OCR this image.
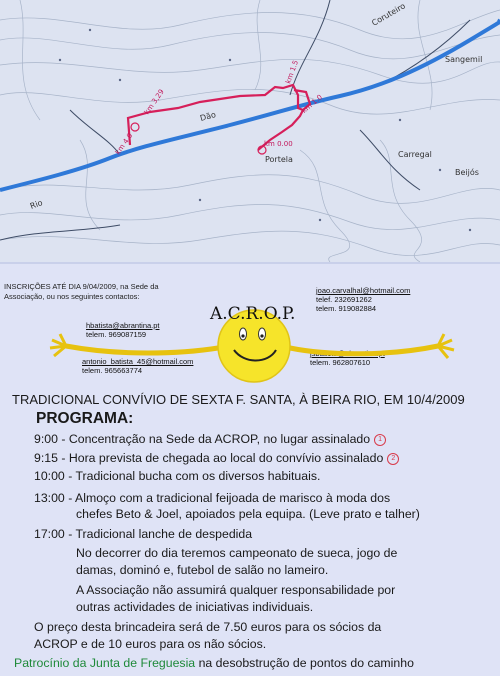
Coruteiro
Sangemil
Dão
Carregal
Rio
Beijós
Portela
km 3,29
km 4.0
km 1.5
km 1.0
km 0.00
INSCRIÇÕES ATÉ DIA 9/04/2009, na Sede da Associação, ou nos seguintes contactos:
hbatista@abrantina.pt
telem. 969087159
antonio_batista_45@hotmail.com
telem. 965663774
joao.carvalhal@hotmail.com
telef. 232691262
telem. 919082884
jsbatista@abrantina.pt
telem. 962807610
A.C.R.O.P.
TRADICIONAL CONVÍVIO DE SEXTA F. SANTA, À BEIRA RIO, EM 10/4/2009
PROGRAMA:
9:00 - Concentração na Sede da ACROP, no lugar assinalado 1
9:15 - Hora prevista de chegada ao local do convívio assinalado 2
10:00 - Tradicional bucha com os diversos habituais.
13:00 - Almoço com a tradicional feijoada de marisco à moda dos
chefes Beto & Joel, apoiados pela equipa. (Leve prato e talher)
17:00 - Tradicional lanche de despedida
No decorrer do dia teremos campeonato de sueca, jogo de
damas, dominó e, futebol de salão no lameiro.
A Associação não assumirá qualquer responsabilidade por
outras actividades de iniciativas individuais.
O preço desta brincadeira será de 7.50 euros para os sócios da
ACROP e de 10 euros para os não sócios.
Patrocínio da Junta de Freguesia na desobstrução de pontos do caminho
